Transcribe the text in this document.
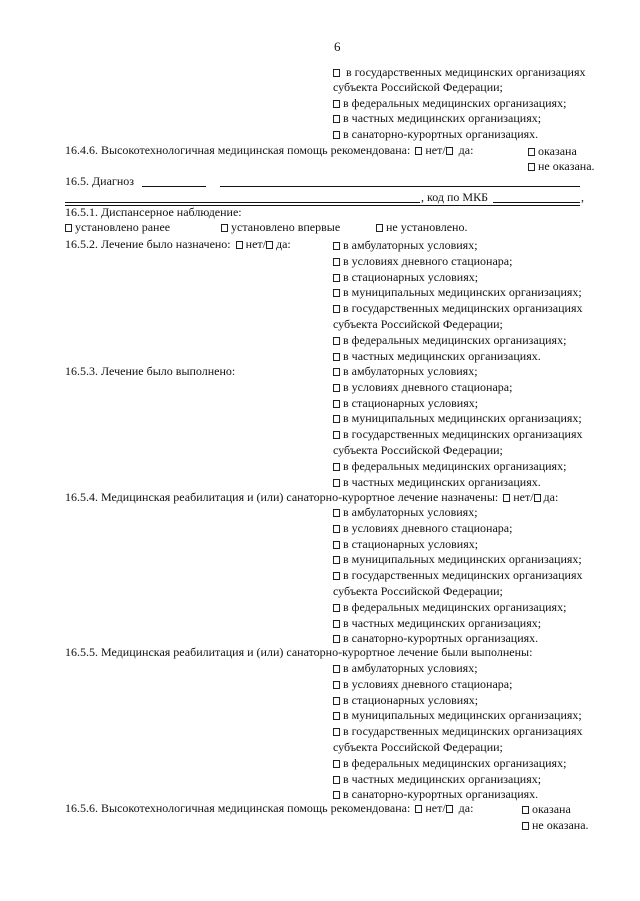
6
в государственных медицинских организациях
субъекта Российской Федерации;
в федеральных медицинских организациях;
в частных медицинских организациях;
в санаторно-курортных организациях.
16.4.6. Высокотехнологичная медицинская помощь рекомендована: нет/ да:	оказана
не оказана.
16.5. Диагноз
, код по МКБ	,
16.5.1. Диспансерное наблюдение:
установлено ранее	установлено впервые	не установлено.
16.5.2. Лечение было назначено: нет/ да:	в амбулаторных условиях;
в условиях дневного стационара;
в стационарных условиях;
в муниципальных медицинских организациях;
в государственных медицинских организациях
субъекта Российской Федерации;
в федеральных медицинских организациях;
в частных медицинских организациях.
16.5.3. Лечение было выполнено:	в амбулаторных условиях;
в условиях дневного стационара;
в стационарных условиях;
в муниципальных медицинских организациях;
в государственных медицинских организациях
субъекта Российской Федерации;
в федеральных медицинских организациях;
в частных медицинских организациях.
16.5.4. Медицинская реабилитация и (или) санаторно-курортное лечение назначены: нет/ да:
в амбулаторных условиях;
в условиях дневного стационара;
в стационарных условиях;
в муниципальных медицинских организациях;
в государственных медицинских организациях
субъекта Российской Федерации;
в федеральных медицинских организациях;
в частных медицинских организациях;
в санаторно-курортных организациях.
16.5.5. Медицинская реабилитация и (или) санаторно-курортное лечение были выполнены:
в амбулаторных условиях;
в условиях дневного стационара;
в стационарных условиях;
в муниципальных медицинских организациях;
в государственных медицинских организациях
субъекта Российской Федерации;
в федеральных медицинских организациях;
в частных медицинских организациях;
в санаторно-курортных организациях.
16.5.6. Высокотехнологичная медицинская помощь рекомендована: нет/ да:	оказана
не оказана.
